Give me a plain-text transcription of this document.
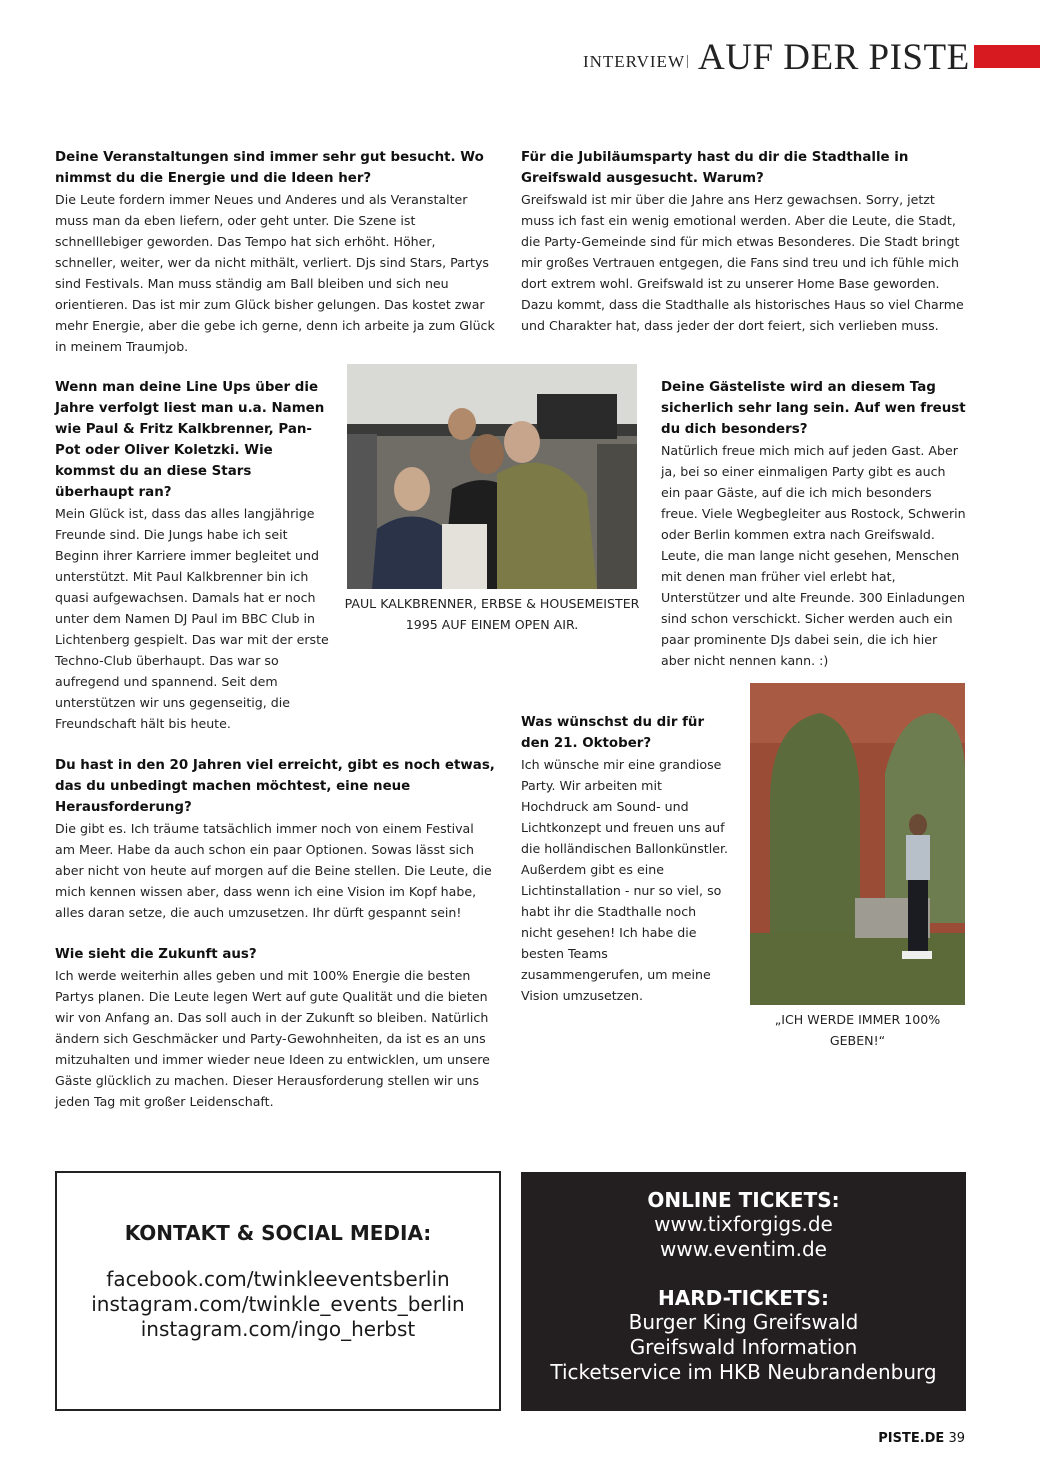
INTERVIEW | AUF DER PISTE

Deine Veranstaltungen sind immer sehr gut besucht. Wo nimmst du die Energie und die Ideen her?

Die Leute fordern immer Neues und Anderes und als Veranstalter muss man da eben liefern, oder geht unter. Die Szene ist schnelllebiger geworden. Das Tempo hat sich erhöht. Höher, schneller, weiter, wer da nicht mithält, verliert. Djs sind Stars, Partys sind Festivals. Man muss ständig am Ball bleiben und sich neu orientieren. Das ist mir zum Glück bisher gelungen. Das kostet zwar mehr Energie, aber die gebe ich gerne, denn ich arbeite ja zum Glück in meinem Traumjob.

Für die Jubiläumsparty hast du dir die Stadthalle in Greifswald ausgesucht. Warum?

Greifswald ist mir über die Jahre ans Herz gewachsen. Sorry, jetzt muss ich fast ein wenig emotional werden. Aber die Leute, die Stadt, die Party-Gemeinde sind für mich etwas Besonderes. Die Stadt bringt mir großes Vertrauen entgegen, die Fans sind treu und ich fühle mich dort extrem wohl. Greifswald ist zu unserer Home Base geworden. Dazu kommt, dass die Stadthalle als historisches Haus so viel Charme und Charakter hat, dass jeder der dort feiert, sich verlieben muss.

PAUL KALKBRENNER, ERBSE & HOUSEMEISTER 1995 AUF EINEM OPEN AIR.

Wenn man deine Line Ups über die Jahre verfolgt liest man u.a. Namen wie Paul & Fritz Kalkbrenner, Pan-Pot oder Oliver Koletzki. Wie kommst du an diese Stars überhaupt ran?

Mein Glück ist, dass das alles langjährige Freunde sind. Die Jungs habe ich seit Beginn ihrer Karriere immer begleitet und unterstützt. Mit Paul Kalkbrenner bin ich quasi aufgewachsen. Damals hat er noch unter dem Namen DJ Paul im BBC Club in Lichtenberg gespielt. Das war mit der erste Techno-Club überhaupt. Das war so aufregend und spannend. Seit dem unterstützen wir uns gegenseitig, die Freundschaft hält bis heute.

Deine Gästeliste wird an diesem Tag sicherlich sehr lang sein. Auf wen freust du dich besonders?

Natürlich freue mich mich auf jeden Gast. Aber ja, bei so einer einmaligen Party gibt es auch ein paar Gäste, auf die ich mich besonders freue. Viele Wegbegleiter aus Rostock, Schwerin oder Berlin kommen extra nach Greifswald. Leute, die man lange nicht gesehen, Menschen mit denen man früher viel erlebt hat, Unterstützer und alte Freunde. 300 Einladungen sind schon verschickt. Sicher werden auch ein paar prominente DJs dabei sein, die ich hier aber nicht nennen kann. :)

Du hast in den 20 Jahren viel erreicht, gibt es noch etwas, das du unbedingt machen möchtest, eine neue Herausforderung?

Die gibt es. Ich träume tatsächlich immer noch von einem Festival am Meer. Habe da auch schon ein paar Optionen. Sowas lässt sich aber nicht von heute auf morgen auf die Beine stellen. Die Leute, die mich kennen wissen aber, dass wenn ich eine Vision im Kopf habe, alles daran setze, die auch umzusetzen. Ihr dürft gespannt sein!

Wie sieht die Zukunft aus?

Ich werde weiterhin alles geben und mit 100% Energie die besten Partys planen. Die Leute legen Wert auf gute Qualität und die bieten wir von Anfang an. Das soll auch in der Zukunft so bleiben. Natürlich ändern sich Geschmäcker und Party-Gewohnheiten, da ist es an uns mitzuhalten und immer wieder neue Ideen zu entwicklen, um unsere Gäste glücklich zu machen. Dieser Herausforderung stellen wir uns jeden Tag mit großer Leidenschaft.

Was wünschst du dir für den 21. Oktober?

Ich wünsche mir eine grandiose Party. Wir arbeiten mit Hochdruck am Sound- und Lichtkonzept und freuen uns auf die holländischen Ballonkünstler. Außerdem gibt es eine Lichtinstallation - nur so viel, so habt ihr die Stadthalle noch nicht gesehen! Ich habe die besten Teams zusammengerufen, um meine Vision umzusetzen.

„ICH WERDE IMMER 100% GEBEN!“
KONTAKT & SOCIAL MEDIA:
facebook.com/twinkleeventsberlin
instagram.com/twinkle_events_berlin
instagram.com/ingo_herbst
ONLINE TICKETS:
www.tixforgigs.de
www.eventim.de
HARD-TICKETS:
Burger King Greifswald
Greifswald Information
Ticketservice im HKB Neubrandenburg
PISTE.DE 39
